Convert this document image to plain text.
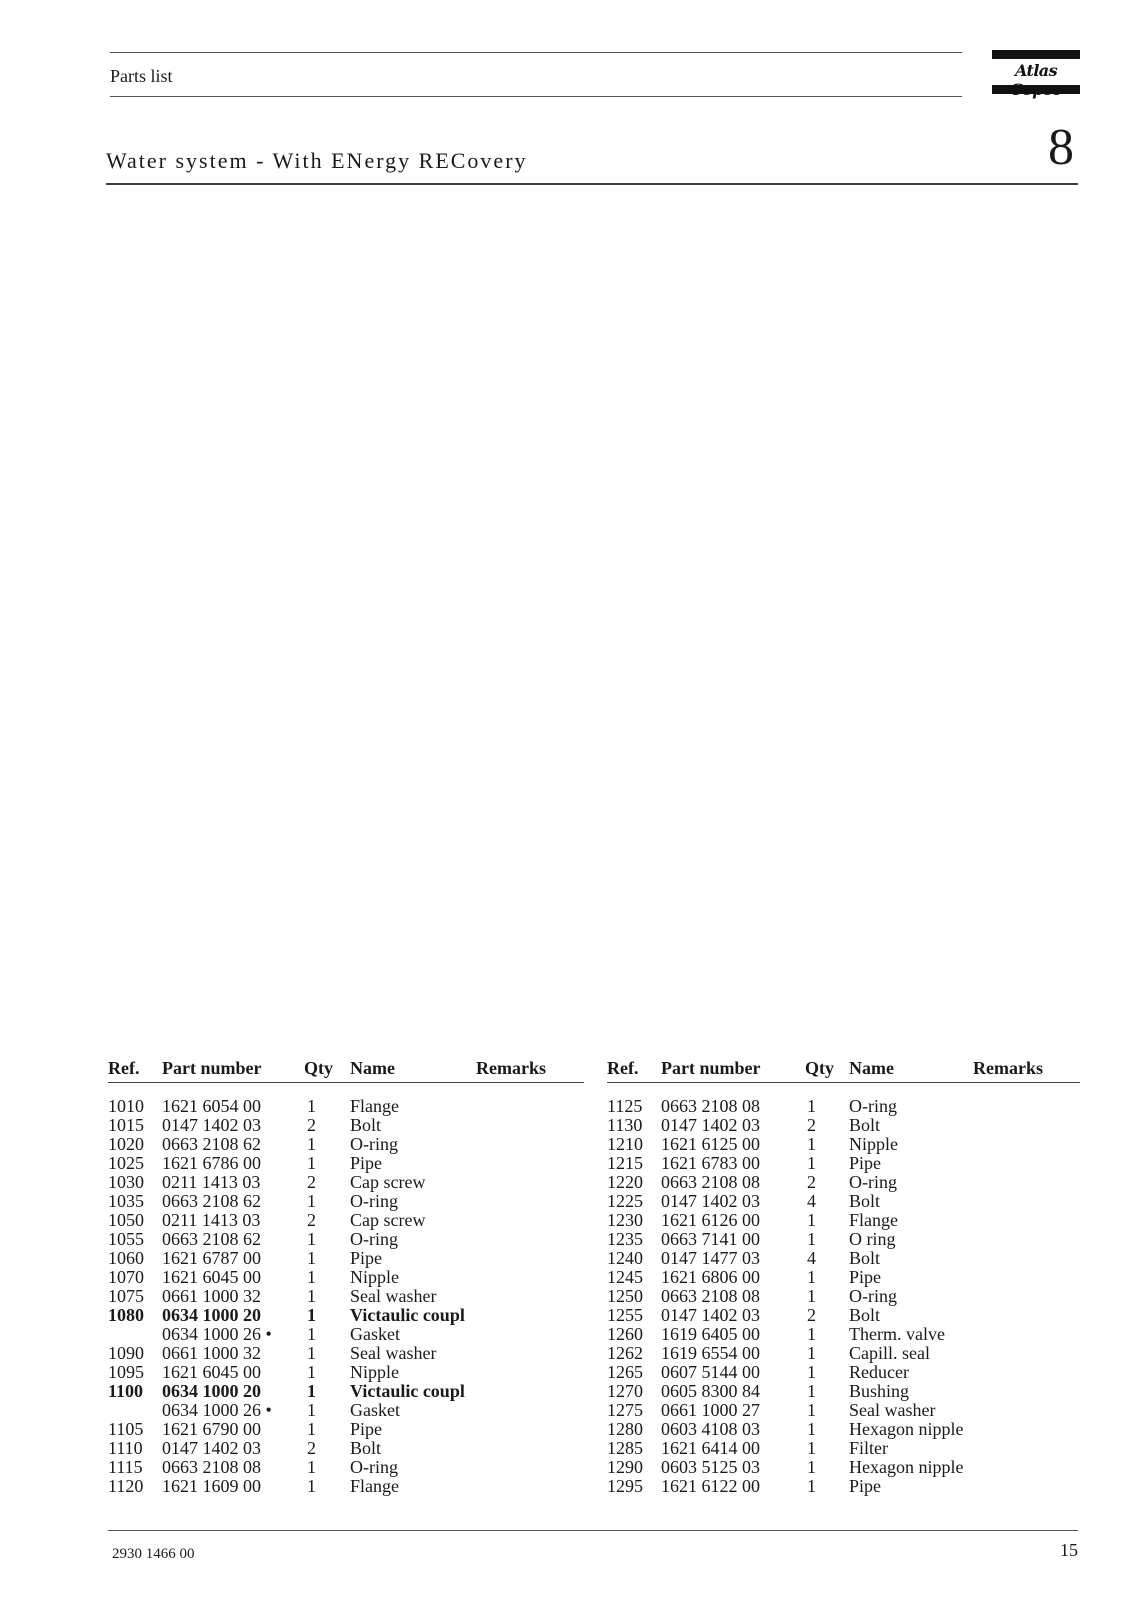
Parts list	Atlas
Water system - With ENergy RECovery	8
Ref. Part number Qty Name	Remarks
1010 1621 6054 00	1 Flange
1015 0147 1402 03	2 Bolt
1020 0663 2108 62	1 O-ring
1025 1621 6786 00	1 Pipe
1030 0211 1413 03	2 Cap screw
1035 0663 2108 62	1 O-ring
1050 0211 1413 03	2 Cap screw
1055 0663 2108 62	1 O-ring
1060 1621 6787 00	1 Pipe
1070 1621 6045 00	1 Nipple
1075 0661 1000 32	1 Seal washer
1080 0634 1000 20	1 Victaulic coupl
0634 1000 26 • 1 Gasket
1090 0661 1000 32	1 Seal washer
1095 1621 6045 00	1 Nipple
1100 0634 1000 20	1 Victaulic coupl
0634 1000 26 • 1 Gasket
1105 1621 6790 00	1 Pipe
1110 0147 1402 03	2 Bolt
1115 0663 2108 08	1 O-ring
1120 1621 1609 00	1 Flange
Ref. Part number Qty Name	Remarks
1125 0663 2108 08	1 O-ring
1130 0147 1402 03	2 Bolt
1210 1621 6125 00	1 Nipple
1215 1621 6783 00	1 Pipe
1220 0663 2108 08	2 O-ring
1225 0147 1402 03	4 Bolt
1230 1621 6126 00	1 Flange
1235 0663 7141 00	1 O ring
1240 0147 1477 03	4 Bolt
1245 1621 6806 00	1 Pipe
1250 0663 2108 08	1 O-ring
1255 0147 1402 03	2 Bolt
1260 1619 6405 00	1 Therm. valve
1262 1619 6554 00	1 Capill. seal
1265 0607 5144 00	1 Reducer
1270 0605 8300 84	1 Bushing
1275 0661 1000 27	1 Seal washer
1280 0603 4108 03	1 Hexagon nipple
1285 1621 6414 00	1 Filter
1290 0603 5125 03	1 Hexagon nipple
1295 1621 6122 00	1 Pipe
2930 1466 00	15
